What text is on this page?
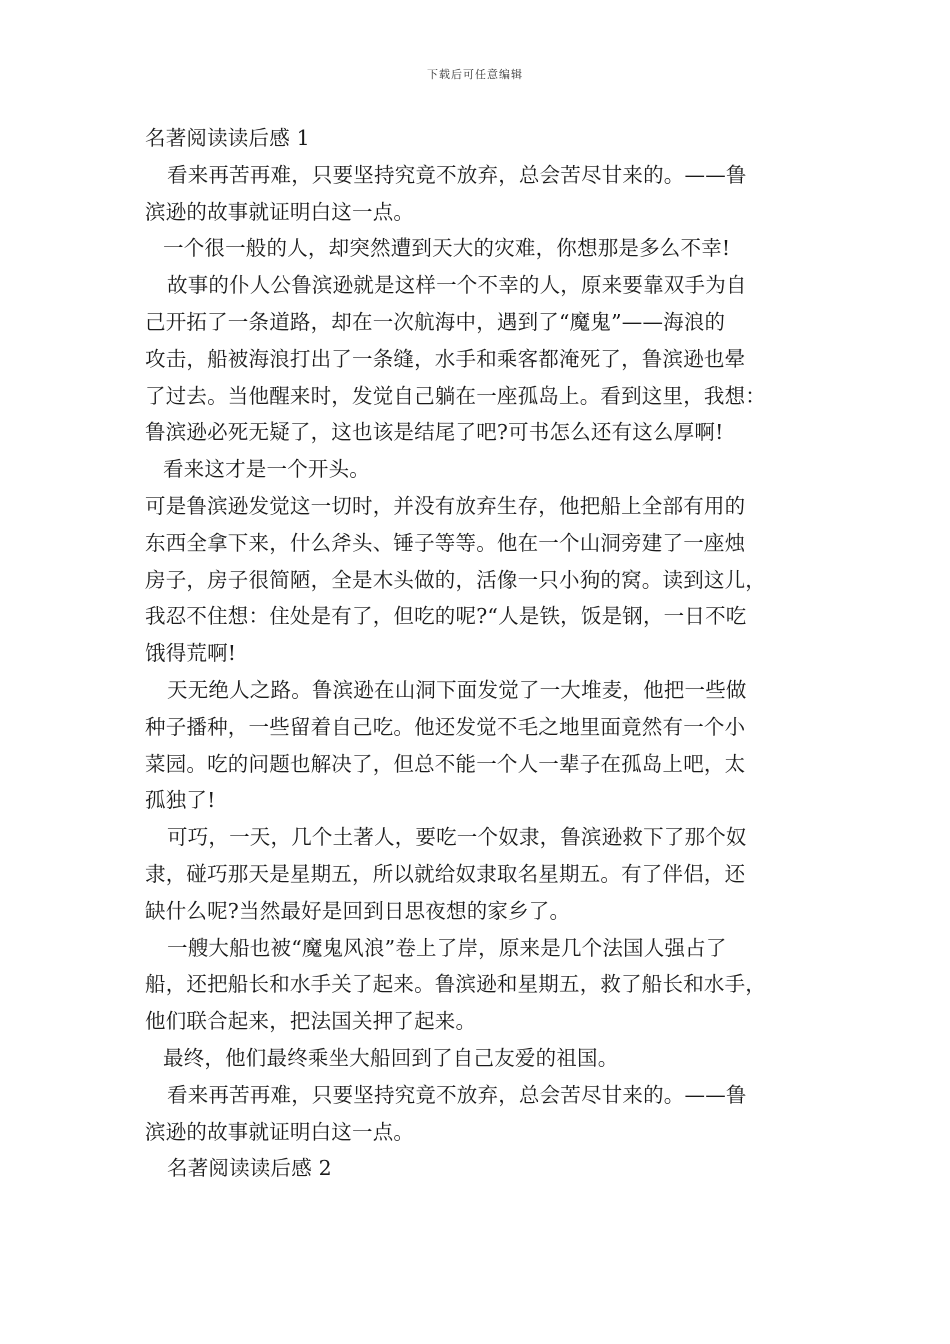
下载后可任意编辑
名著阅读读后感 1
看来再苦再难，只要坚持究竟不放弃，总会苦尽甘来的。——鲁
滨逊的故事就证明白这一点。
一个很一般的人，却突然遭到天大的灾难，你想那是多么不幸!
故事的仆人公鲁滨逊就是这样一个不幸的人，原来要靠双手为自
己开拓了一条道路，却在一次航海中，遇到了“魔鬼”——海浪的
攻击，船被海浪打出了一条缝，水手和乘客都淹死了，鲁滨逊也晕
了过去。当他醒来时，发觉自己躺在一座孤岛上。看到这里，我想：
鲁滨逊必死无疑了，这也该是结尾了吧?可书怎么还有这么厚啊!
看来这才是一个开头。
可是鲁滨逊发觉这一切时，并没有放弃生存，他把船上全部有用的
东西全拿下来，什么斧头、锤子等等。他在一个山洞旁建了一座烛
房子，房子很简陋，全是木头做的，活像一只小狗的窝。读到这儿，
我忍不住想：住处是有了，但吃的呢?“人是铁，饭是钢，一日不吃
饿得荒啊!
天无绝人之路。鲁滨逊在山洞下面发觉了一大堆麦，他把一些做
种子播种，一些留着自己吃。他还发觉不毛之地里面竟然有一个小
菜园。吃的问题也解决了，但总不能一个人一辈子在孤岛上吧，太
孤独了!
可巧，一天，几个土著人，要吃一个奴隶，鲁滨逊救下了那个奴
隶，碰巧那天是星期五，所以就给奴隶取名星期五。有了伴侣，还
缺什么呢?当然最好是回到日思夜想的家乡了。
一艘大船也被“魔鬼风浪”卷上了岸，原来是几个法国人强占了
船，还把船长和水手关了起来。鲁滨逊和星期五，救了船长和水手，
他们联合起来，把法国关押了起来。
最终，他们最终乘坐大船回到了自己友爱的祖国。
看来再苦再难，只要坚持究竟不放弃，总会苦尽甘来的。——鲁
滨逊的故事就证明白这一点。
名著阅读读后感 2
